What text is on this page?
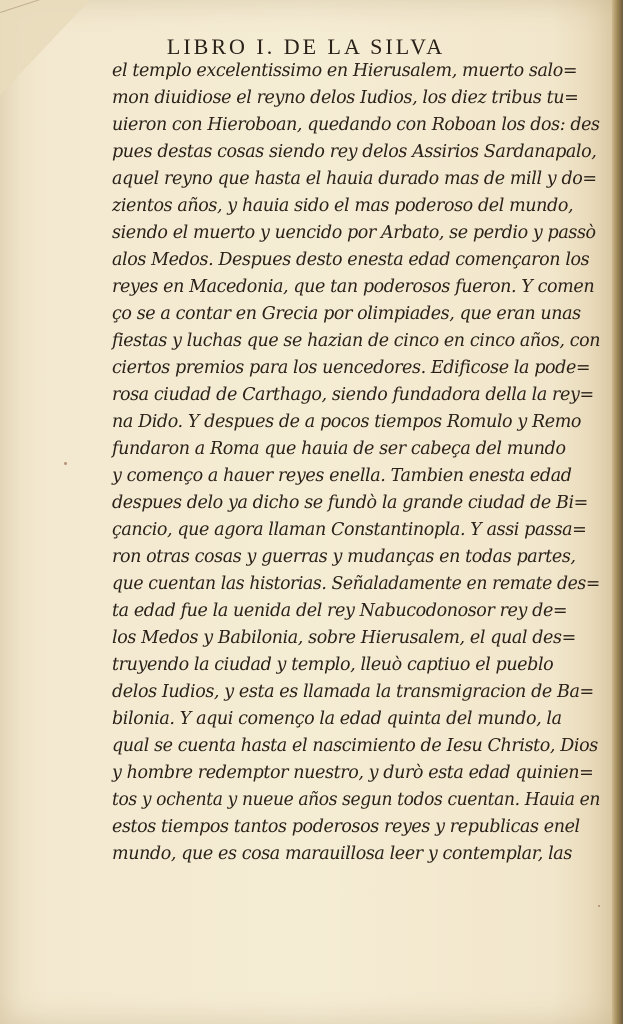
LIBRO I. DE LA SILVA
el templo excelentissimo en Hierusalem, muerto salo=
mon diuidiose el reyno delos Iudios, los diez tribus tu=
uieron con Hieroboan, quedando con Roboan los dos: des
pues destas cosas siendo rey delos Assirios Sardanapalo,
aquel reyno que hasta el hauia durado mas de mill y do=
zientos años, y hauia sido el mas poderoso del mundo,
siendo el muerto y uencido por Arbato, se perdio y passò
alos Medos. Despues desto enesta edad començaron los
reyes en Macedonia, que tan poderosos fueron. Y comen
ço se a contar en Grecia por olimpiades, que eran unas
fiestas y luchas que se hazian de cinco en cinco años, con
ciertos premios para los uencedores. Edificose la pode=
rosa ciudad de Carthago, siendo fundadora della la rey=
na Dido. Y despues de a pocos tiempos Romulo y Remo
fundaron a Roma que hauia de ser cabeça del mundo
y començo a hauer reyes enella. Tambien enesta edad
despues delo ya dicho se fundò la grande ciudad de Bi=
çancio, que agora llaman Constantinopla. Y assi passa=
ron otras cosas y guerras y mudanças en todas partes,
que cuentan las historias. Señaladamente en remate des=
ta edad fue la uenida del rey Nabucodonosor rey de=
los Medos y Babilonia, sobre Hierusalem, el qual des=
truyendo la ciudad y templo, lleuò captiuo el pueblo
delos Iudios, y esta es llamada la transmigracion de Ba=
bilonia. Y aqui començo la edad quinta del mundo, la
qual se cuenta hasta el nascimiento de Iesu Christo, Dios
y hombre redemptor nuestro, y durò esta edad quinien=
tos y ochenta y nueue años segun todos cuentan. Hauia en
estos tiempos tantos poderosos reyes y republicas enel
mundo, que es cosa marauillosa leer y contemplar, las
